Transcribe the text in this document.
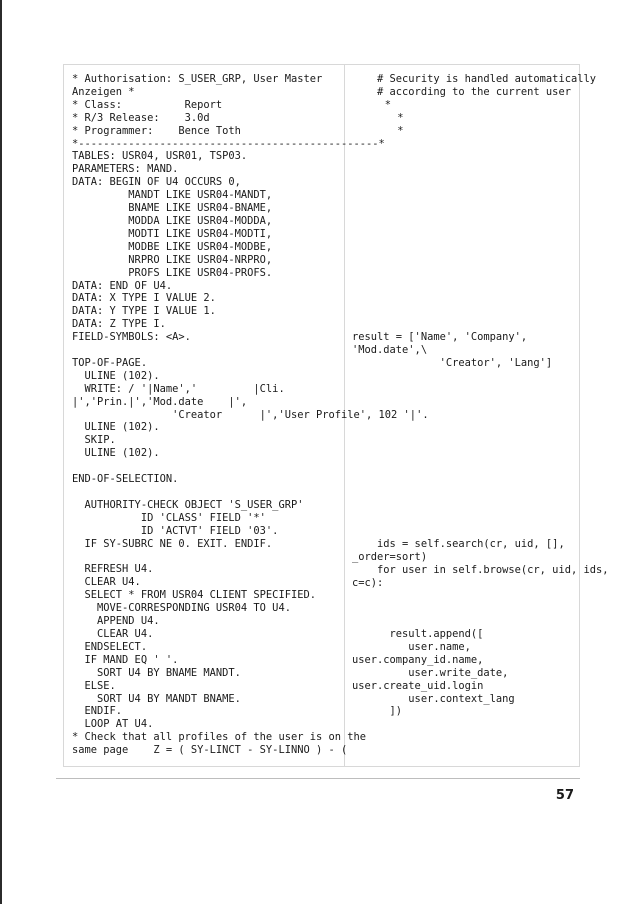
* Authorisation: S_USER_GRP, User Master
Anzeigen *
* Class:          Report                          *
* R/3 Release:    3.0d                              *
* Programmer:    Bence Toth                         *
*------------------------------------------------*
TABLES: USR04, USR01, TSP03.
PARAMETERS: MAND.
DATA: BEGIN OF U4 OCCURS 0,
MANDT LIKE USR04-MANDT,
BNAME LIKE USR04-BNAME,
MODDA LIKE USR04-MODDA,
MODTI LIKE USR04-MODTI,
MODBE LIKE USR04-MODBE,
NRPRO LIKE USR04-NRPRO,
PROFS LIKE USR04-PROFS.
DATA: END OF U4.
DATA: X TYPE I VALUE 2.
DATA: Y TYPE I VALUE 1.
DATA: Z TYPE I.
FIELD-SYMBOLS: <A>.

TOP-OF-PAGE.
ULINE (102).
WRITE: / '|Name','         |Cli.
|','Prin.|','Mod.date    |',
'Creator      |','User Profile', 102 '|'.
ULINE (102).
SKIP.
ULINE (102).

END-OF-SELECTION.

AUTHORITY-CHECK OBJECT 'S_USER_GRP'
ID 'CLASS' FIELD '*'
ID 'ACTVT' FIELD '03'.
IF SY-SUBRC NE 0. EXIT. ENDIF.

REFRESH U4.
CLEAR U4.
SELECT * FROM USR04 CLIENT SPECIFIED.
MOVE-CORRESPONDING USR04 TO U4.
APPEND U4.
CLEAR U4.
ENDSELECT.
IF MAND EQ ' '.
SORT U4 BY BNAME MANDT.
ELSE.
SORT U4 BY MANDT BNAME.
ENDIF.
LOOP AT U4.
* Check that all profiles of the user is on the
same page    Z = ( SY-LINCT - SY-LINNO ) - (
# Security is handled automatically
# according to the current user
result = ['Name', 'Company',
'Mod.date',\
'Creator', 'Lang']
ids = self.search(cr, uid, [],
_order=sort)
for user in self.browse(cr, uid, ids,
c=c):
result.append([
user.name,
user.company_id.name,
user.write_date,
user.create_uid.login
user.context_lang
])
57
